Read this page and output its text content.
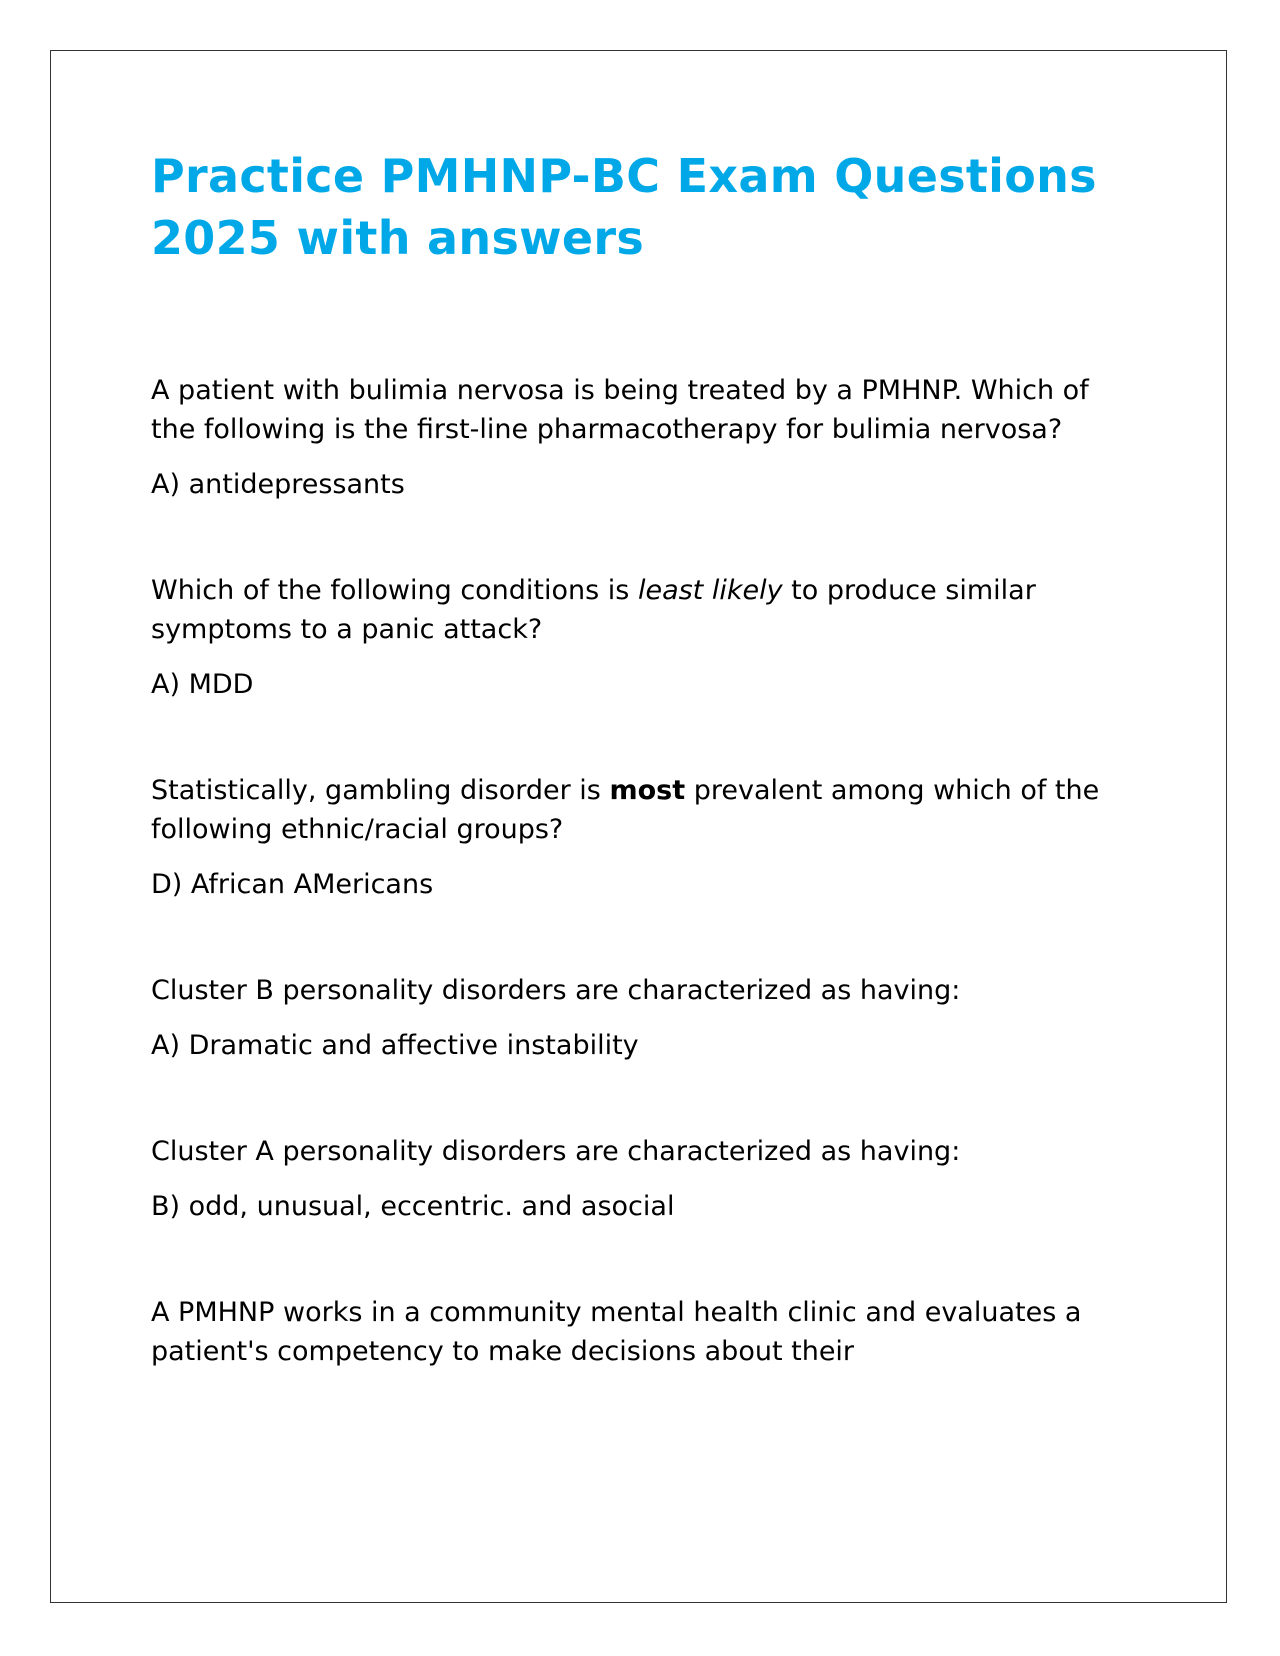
Practice PMHNP-BC Exam Questions 2025 with answers

A patient with bulimia nervosa is being treated by a PMHNP. Which of the following is the first-line pharmacotherapy for bulimia nervosa?

A) antidepressants

Which of the following conditions is least likely to produce similar symptoms to a panic attack?

A) MDD

Statistically, gambling disorder is most prevalent among which of the following ethnic/racial groups?

D) African AMericans

Cluster B personality disorders are characterized as having:

A) Dramatic and affective instability

Cluster A personality disorders are characterized as having:

B) odd, unusual, eccentric. and asocial

A PMHNP works in a community mental health clinic and evaluates a patient's competency to make decisions about their
